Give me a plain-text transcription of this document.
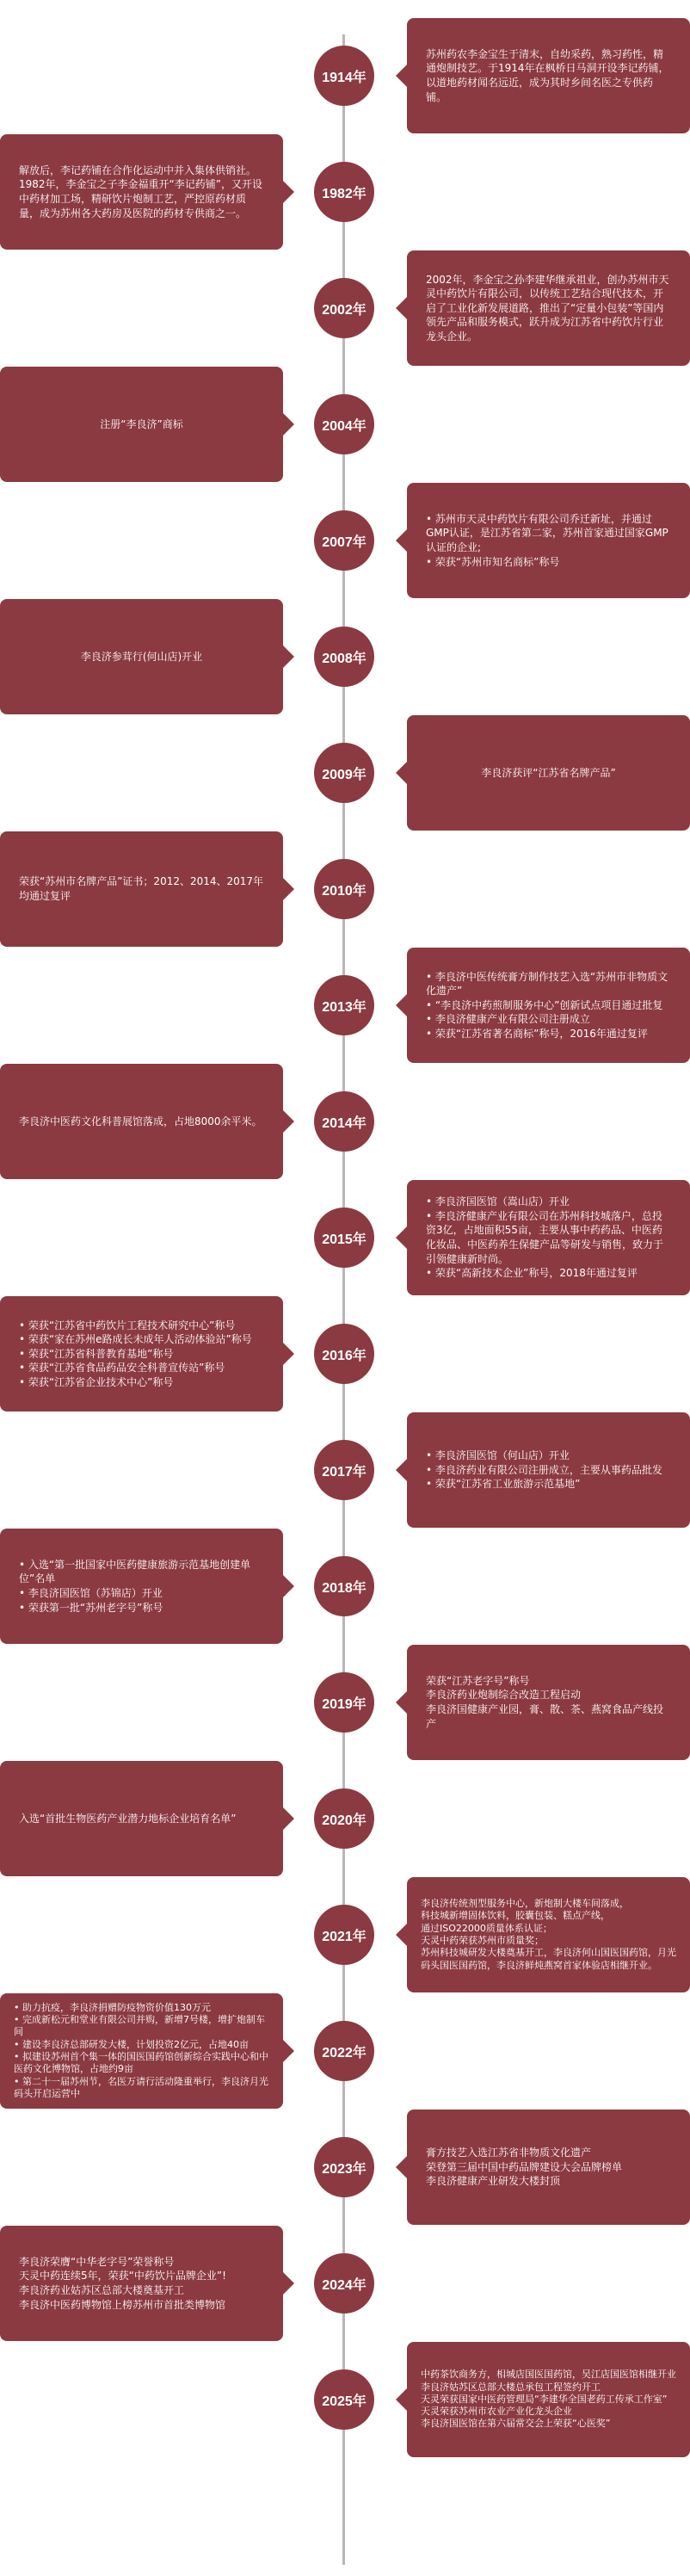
1914年
苏州药农李金宝生于清末，自幼采药，熟习药性，精通炮制技艺。于1914年在枫桥日马洞开设李记药铺，以道地药材闻名远近，成为其时乡间名医之专供药铺。
1982年
解放后，李记药铺在合作化运动中并入集体供销社。1982年，李金宝之子李金福重开“李记药铺”，又开设中药材加工场，精研饮片炮制工艺，严控原药材质量，成为苏州各大药房及医院的药材专供商之一。
2002年
2002年，李金宝之孙李建华继承祖业，创办苏州市天灵中药饮片有限公司，以传统工艺结合现代技术，开启了工业化新发展道路，推出了“定量小包装”等国内领先产品和服务模式，跃升成为江苏省中药饮片行业龙头企业。
2004年
注册“李良济”商标
2007年
• 苏州市天灵中药饮片有限公司乔迁新址，并通过GMP认证，是江苏省第二家，苏州首家通过国家GMP认证的企业;
• 荣获“苏州市知名商标”称号
2008年
李良济参茸行(何山店)开业
2009年	李良济获评“江苏省名牌产品”
2010年
荣获“苏州市名牌产品”证书；2012、2014、2017年均通过复评
2013年
• 李良济中医传统膏方制作技艺入选“苏州市非物质文化遗产”
• “李良济中药煎制服务中心”创新试点项目通过批复
• 李良济健康产业有限公司注册成立
• 荣获“江苏省著名商标”称号，2016年通过复评
2014年
李良济中医药文化科普展馆落成，占地8000余平米。
2015年
• 李良济国医馆（嵩山店）开业
• 李良济健康产业有限公司在苏州科技城落户，总投资3亿，占地面积55亩，主要从事中药药品、中医药化妆品、中医药养生保健产品等研发与销售，致力于引领健康新时尚。
• 荣获“高新技术企业”称号，2018年通过复评
2016年
• 荣获“江苏省中药饮片工程技术研究中心”称号
• 荣获“家在苏州e路成长未成年人活动体验站”称号
• 荣获“江苏省科普教育基地”称号
• 荣获“江苏省食品药品安全科普宣传站”称号
• 荣获“江苏省企业技术中心”称号
2017年
• 李良济国医馆（何山店）开业
• 李良济药业有限公司注册成立，主要从事药品批发
• 荣获“江苏省工业旅游示范基地”
2018年
• 入选“第一批国家中医药健康旅游示范基地创建单位”名单
• 李良济国医馆（苏锦店）开业
• 荣获第一批“苏州老字号”称号
2019年
荣获“江苏老字号”称号
李良济药业炮制综合改造工程启动
李良济国健康产业园，膏、散、茶、燕窝食品产线投产
2020年
入选“首批生物医药产业潜力地标企业培育名单”
2021年
李良济传统剂型服务中心，新炮制大楼车间落成，
科技城新增固体饮料，胶囊包装、糕点产线，
通过ISO22000质量体系认证；
天灵中药荣获苏州市质量奖；
苏州科技城研发大楼奠基开工，李良济何山国医国药馆，月光码头国医国药馆，李良济鲜炖燕窝首家体验店相继开业。
2022年
• 助力抗疫，李良济捐赠防疫物资价值130万元
• 完成新松元和堂业有限公司并购，新增7号楼，增扩炮制车间
• 建设李良济总部研发大楼，计划投资2亿元，占地40亩
• 拟建设苏州首个集一体的国医国药馆创新综合实践中心和中医药文化博物馆，占地约9亩
• 第二十一届苏州节，名医万请行活动隆重举行，李良济月光码头开启运营中
2023年
膏方技艺入选江苏省非物质文化遗产
荣登第三届中国中药品牌建设大会品牌榜单
李良济健康产业研发大楼封顶
2024年
李良济荣膺“中华老字号”荣誉称号
天灵中药连续5年，荣获“中药饮片品牌企业”!
李良济药业姑苏区总部大楼奠基开工
李良济中医药博物馆上榜苏州市首批类博物馆
2025年
中药茶饮商务方，相城店国医国药馆，吴江店国医馆相继开业
李良济姑苏区总部大楼总承包工程签约开工
天灵荣获国家中医药管理局“李建华全国老药工传承工作室”
天灵荣获苏州市农业产业化龙头企业
李良济国医馆在第六届常交会上荣获“心医奖”
